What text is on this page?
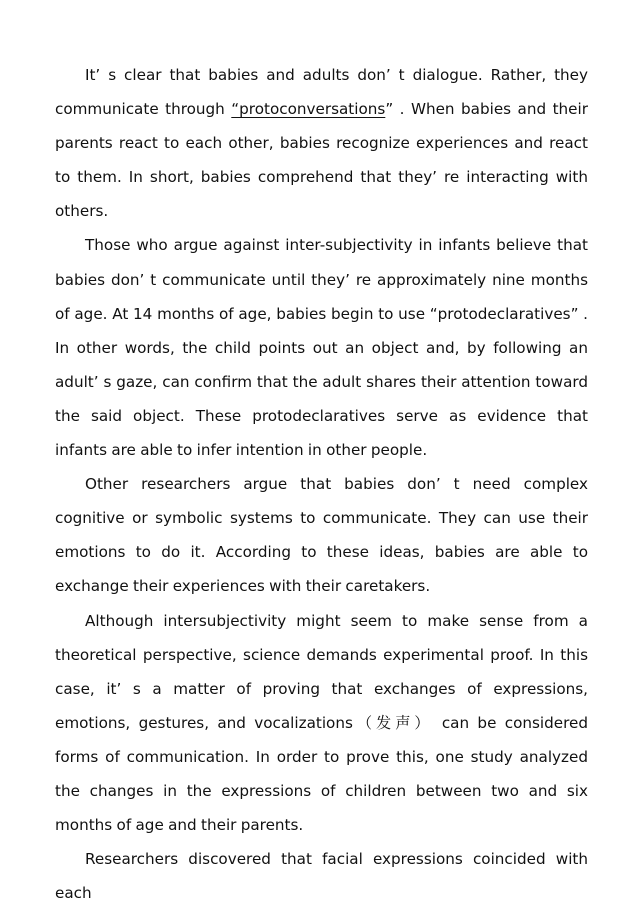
It’ s clear that babies and adults don’ t dialogue. Rather, they communicate through “protoconversations” . When babies and their parents react to each other, babies recognize experiences and react to them. In short, babies comprehend that they’ re interacting with others.

Those who argue against inter-subjectivity in infants believe that babies don’ t communicate until they’ re approximately nine months of age. At 14 months of age, babies begin to use “protodeclaratives” . In other words, the child points out an object and, by following an adult’ s gaze, can confirm that the adult shares their attention toward the said object. These protodeclaratives serve as evidence that infants are able to infer intention in other people.

Other researchers argue that babies don’ t need complex cognitive or symbolic systems to communicate. They can use their emotions to do it. According to these ideas, babies are able to exchange their experiences with their caretakers.

Although intersubjectivity might seem to make sense from a theoretical perspective, science demands experimental proof. In this case, it’ s a matter of proving that exchanges of expressions, emotions, gestures, and vocalizations（发声） can be considered forms of communication. In order to prove this, one study analyzed the changes in the expressions of children between two and six months of age and their parents.

Researchers discovered that facial expressions coincided with each
